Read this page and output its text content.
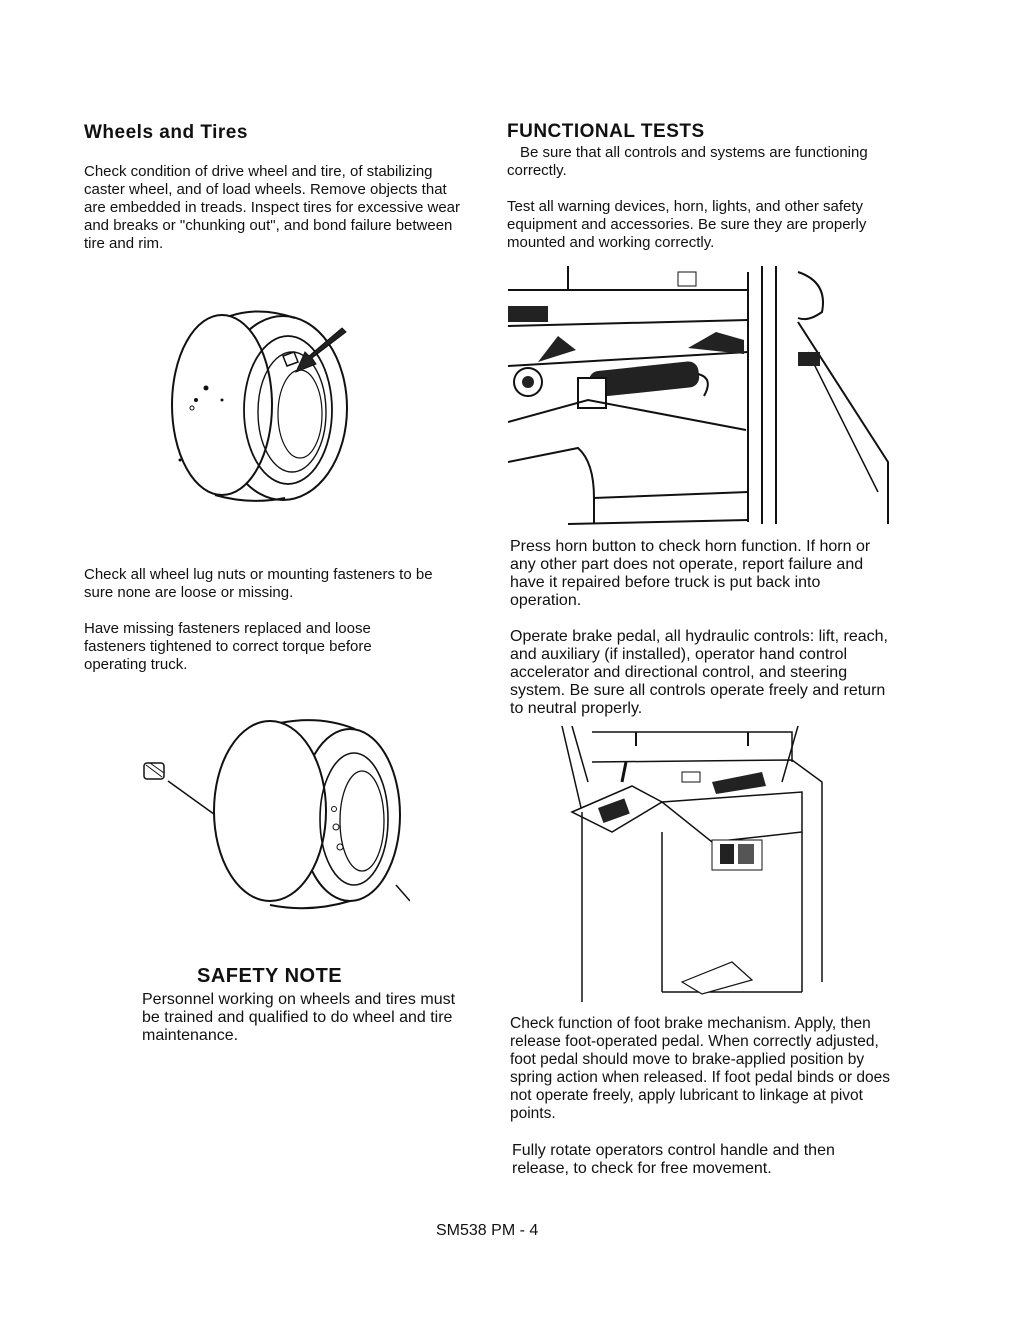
Wheels and Tires

Check condition of drive wheel and tire, of stabilizing caster wheel, and of load wheels. Remove objects that are embedded in treads. Inspect tires for excessive wear and breaks or "chunking out", and bond failure between tire and rim.

Check all wheel lug nuts or mounting fasteners to be sure none are loose or missing.

Have missing fasteners replaced and loose fasteners tightened to correct torque before operating truck.

SAFETY NOTE

Personnel working on wheels and tires must be trained and qualified to do wheel and tire maintenance.

FUNCTIONAL TESTS

Be sure that all controls and systems are functioning correctly.

Test all warning devices, horn, lights, and other safety equipment and accessories. Be sure they are properly mounted and working correctly.

Press horn button to check horn function. If horn or any other part does not operate, report failure and have it repaired before truck is put back into operation.

Operate brake pedal, all hydraulic controls: lift, reach, and auxiliary (if installed), operator hand control accelerator and directional control, and steering system. Be sure all controls operate freely and return to neutral properly.

Check function of foot brake mechanism. Apply, then release foot-operated pedal. When correctly adjusted, foot pedal should move to brake-applied position by spring action when released. If foot pedal binds or does not operate freely, apply lubricant to linkage at pivot points.

Fully rotate operators control handle and then release, to check for free movement.

SM538 PM - 4
